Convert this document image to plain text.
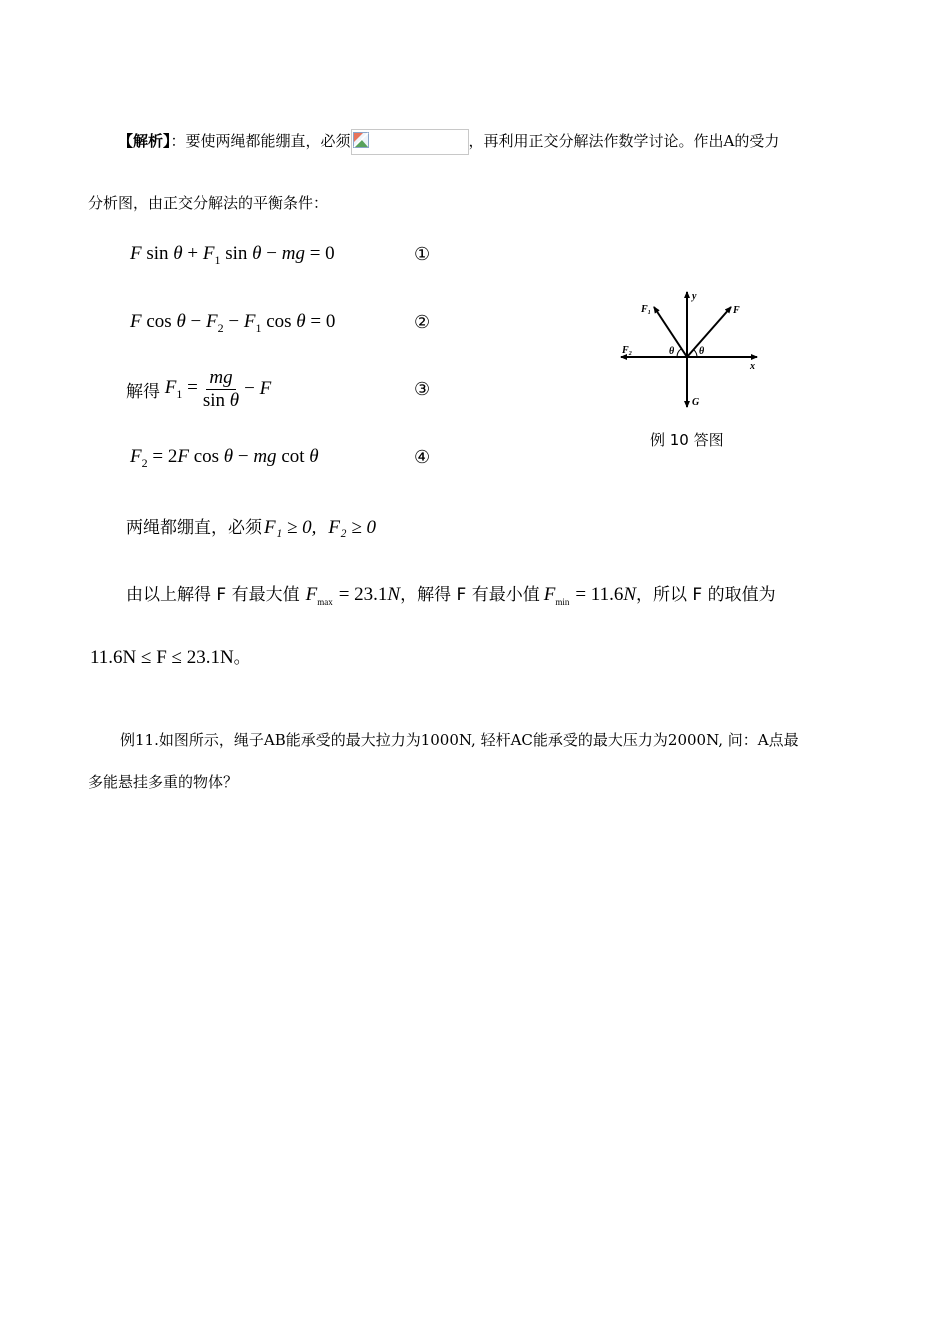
【解析】：要使两绳都能绷直，必须	，再利用正交分解法作数学讨论。作出A的受力
分析图，由正交分解法的平衡条件：
F $\sin \theta + F_1$ sin θ − mg = 0	①
F $\cos \theta - F_2 - F_1$ cos θ = 0	②
解得 $F_1 = \frac{mg}{\text{sin θ}} - F$	③
$F_2 = 2F$ cos θ − mg cot θ	④
两绳都绷直，必须 F₁ ≥ 0, F₂ ≥ 0
由以上解得 F 有最大值 $F_{max} = 23.1$ N ，解得 F 有最小值 $F_{min} = 11.6$ N ，所以 F 的取值为
11.6N ≤ F ≤ 23.1N 。
F₁
y
F
F₂	θ θ
x
G
例 10 答图
例11.如图所示，绳子AB能承受的最大拉力为1000N, 轻杆AC能承受的最大压力为2000N, 问：A点最
多能悬挂多重的物体？
